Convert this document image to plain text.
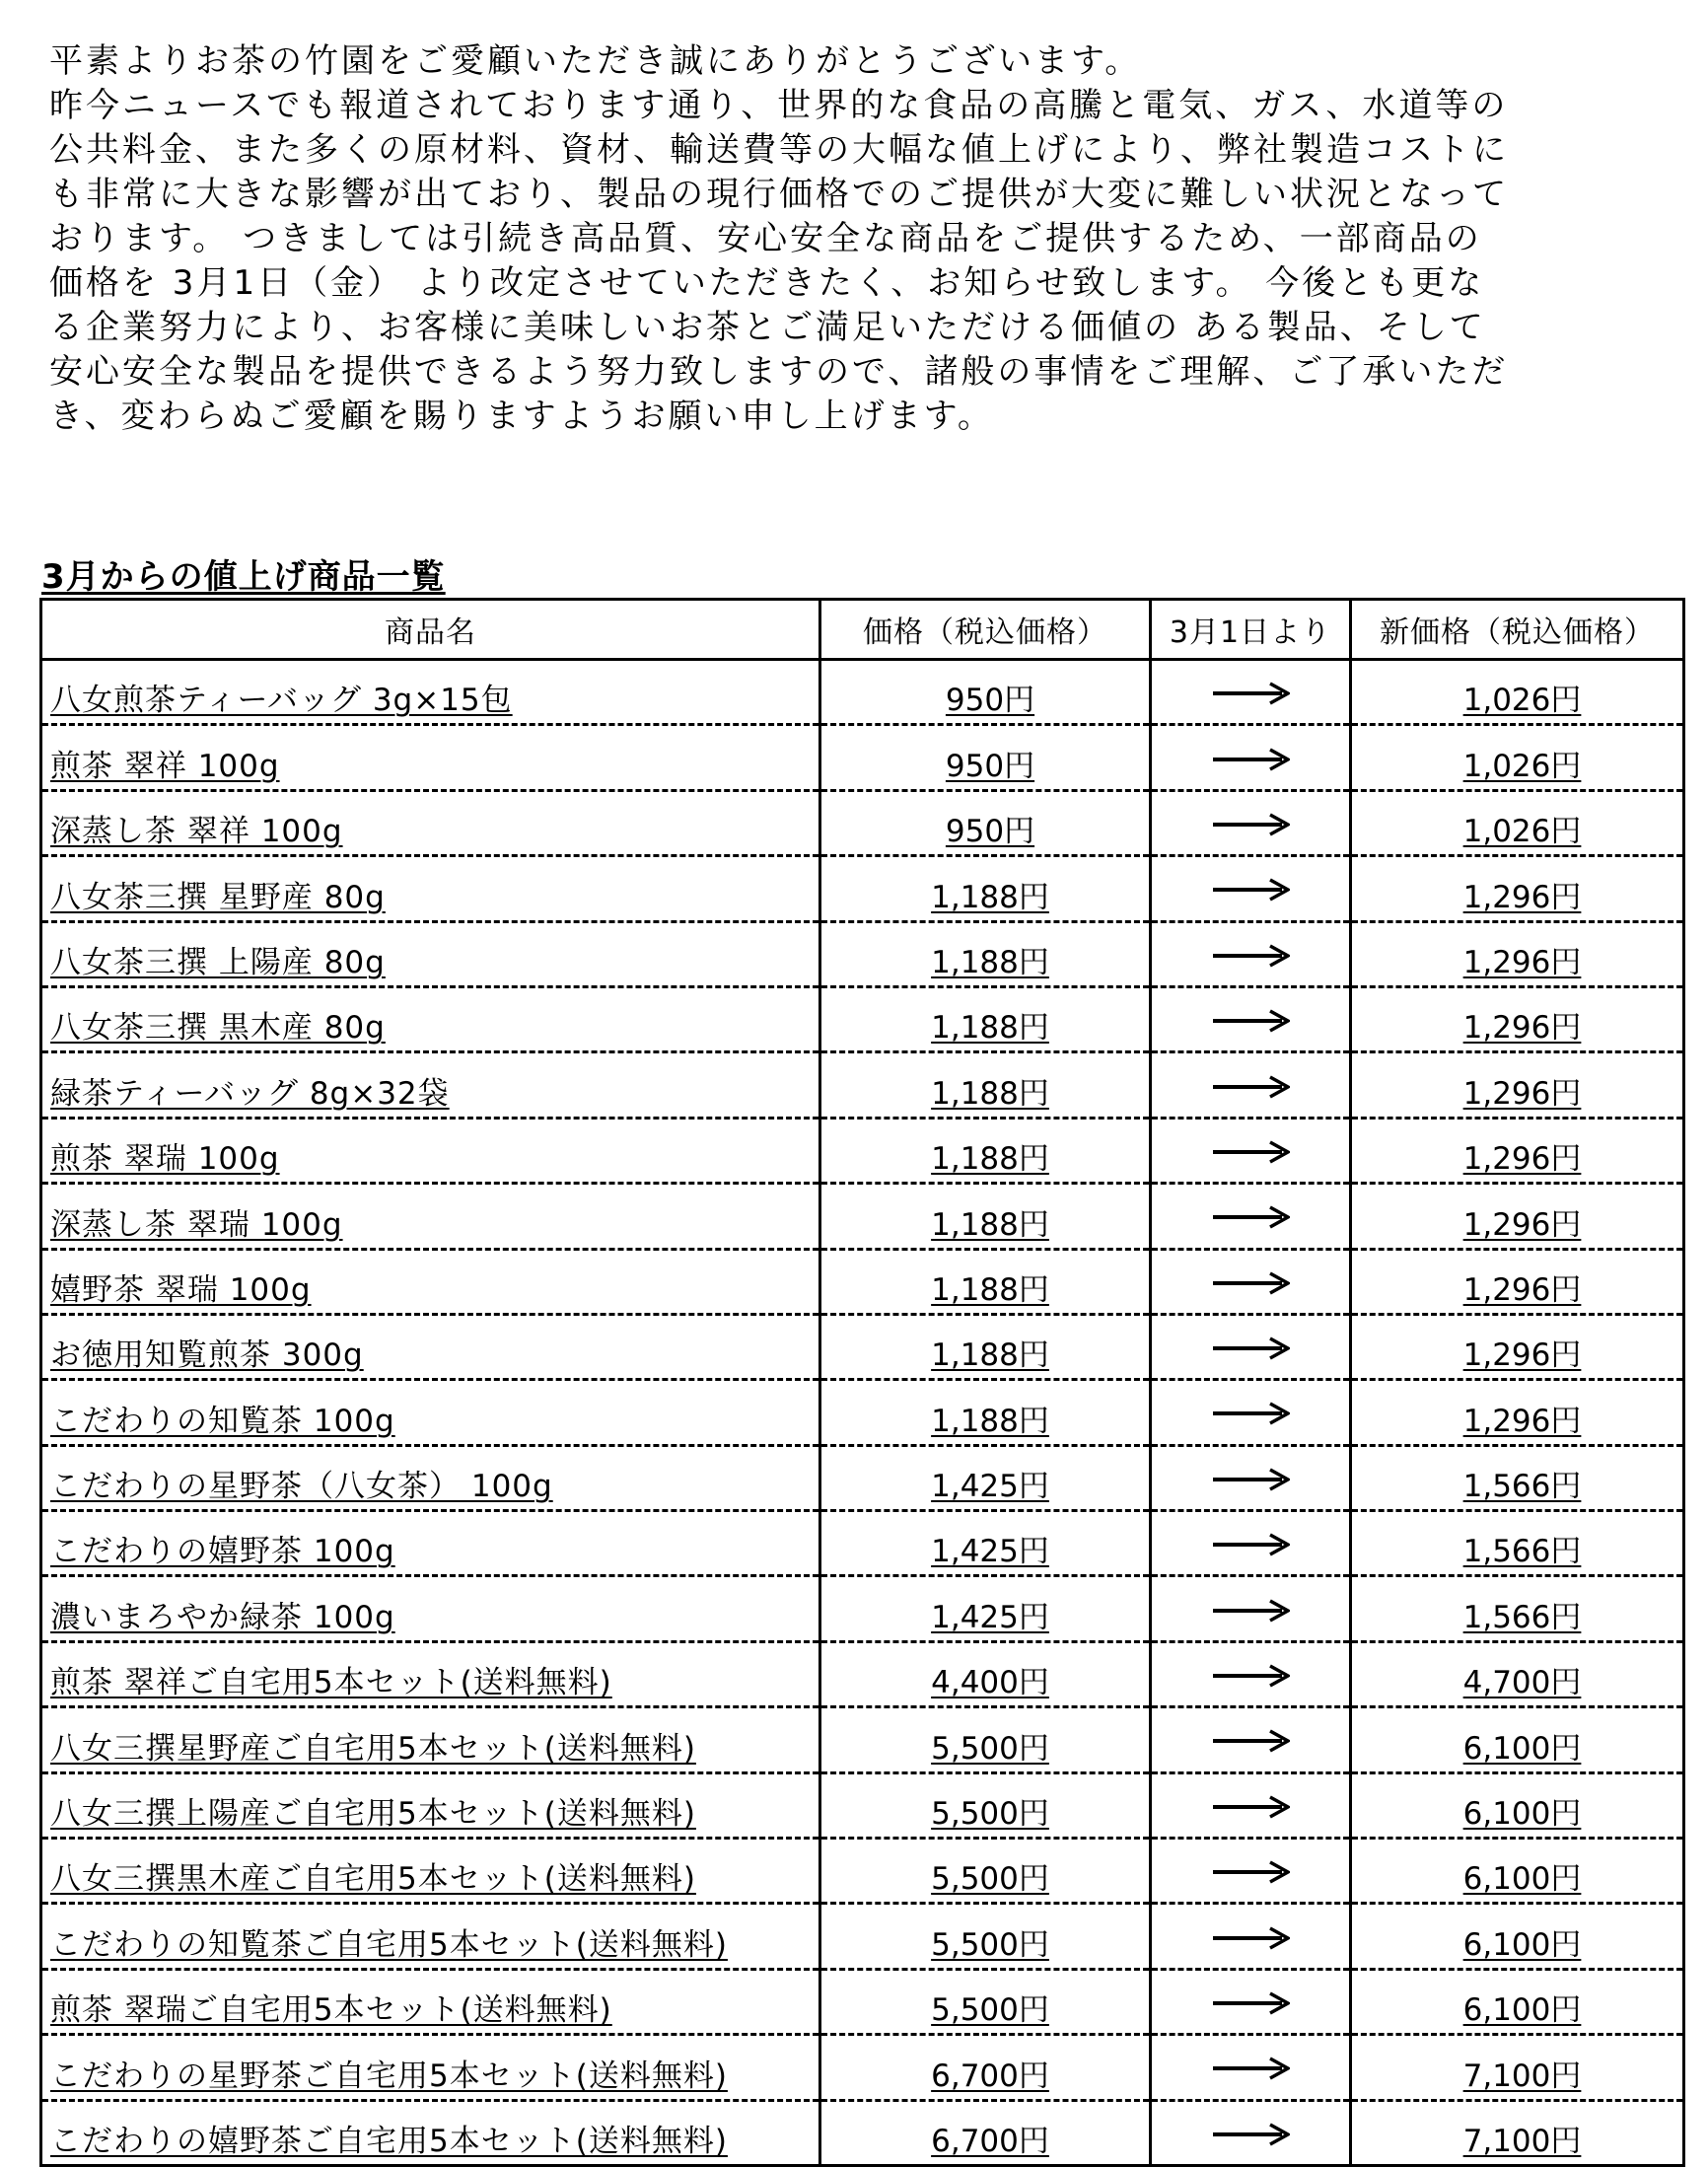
平素よりお茶の竹園をご愛顧いただき誠にありがとうございます。

昨今ニュースでも報道されております通り、世界的な食品の高騰と電気、ガス、水道等の

公共料金、また多くの原材料、資材、輸送費等の大幅な値上げにより、弊社製造コストに

も非常に大きな影響が出ており、製品の現行価格でのご提供が大変に難しい状況となって

おります。 つきましては引続き高品質、安心安全な商品をご提供するため、一部商品の

価格を 3月1日（金） より改定させていただきたく、お知らせ致します。 今後とも更な

る企業努力により、お客様に美味しいお茶とご満足いただける価値の ある製品、そして

安心安全な製品を提供できるよう努力致しますので、諸般の事情をご理解、ご了承いただ

き、変わらぬご愛顧を賜りますようお願い申し上げます。

3月からの値上げ商品一覧
商品名	価格（税込価格）	3月1日より	新価格（税込価格）
八女煎茶ティーバッグ 3g×15包	950円		1,026円
煎茶 翠祥 100g	950円		1,026円
深蒸し茶 翠祥 100g	950円		1,026円
八女茶三撰 星野産 80g	1,188円		1,296円
八女茶三撰 上陽産 80g	1,188円		1,296円
八女茶三撰 黒木産 80g	1,188円		1,296円
緑茶ティーバッグ 8g×32袋	1,188円		1,296円
煎茶 翠瑞 100g	1,188円		1,296円
深蒸し茶 翠瑞 100g	1,188円		1,296円
嬉野茶 翠瑞 100g	1,188円		1,296円
お徳用知覧煎茶 300g	1,188円		1,296円
こだわりの知覧茶 100g	1,188円		1,296円
こだわりの星野茶（八女茶） 100g	1,425円		1,566円
こだわりの嬉野茶 100g	1,425円		1,566円
濃いまろやか緑茶 100g	1,425円		1,566円
煎茶 翠祥ご自宅用5本セット(送料無料)	4,400円		4,700円
八女三撰星野産ご自宅用5本セット(送料無料)	5,500円		6,100円
八女三撰上陽産ご自宅用5本セット(送料無料)	5,500円		6,100円
八女三撰黒木産ご自宅用5本セット(送料無料)	5,500円		6,100円
こだわりの知覧茶ご自宅用5本セット(送料無料)	5,500円		6,100円
煎茶 翠瑞ご自宅用5本セット(送料無料)	5,500円		6,100円
こだわりの星野茶ご自宅用5本セット(送料無料)	6,700円		7,100円
こだわりの嬉野茶ご自宅用5本セット(送料無料)	6,700円		7,100円
